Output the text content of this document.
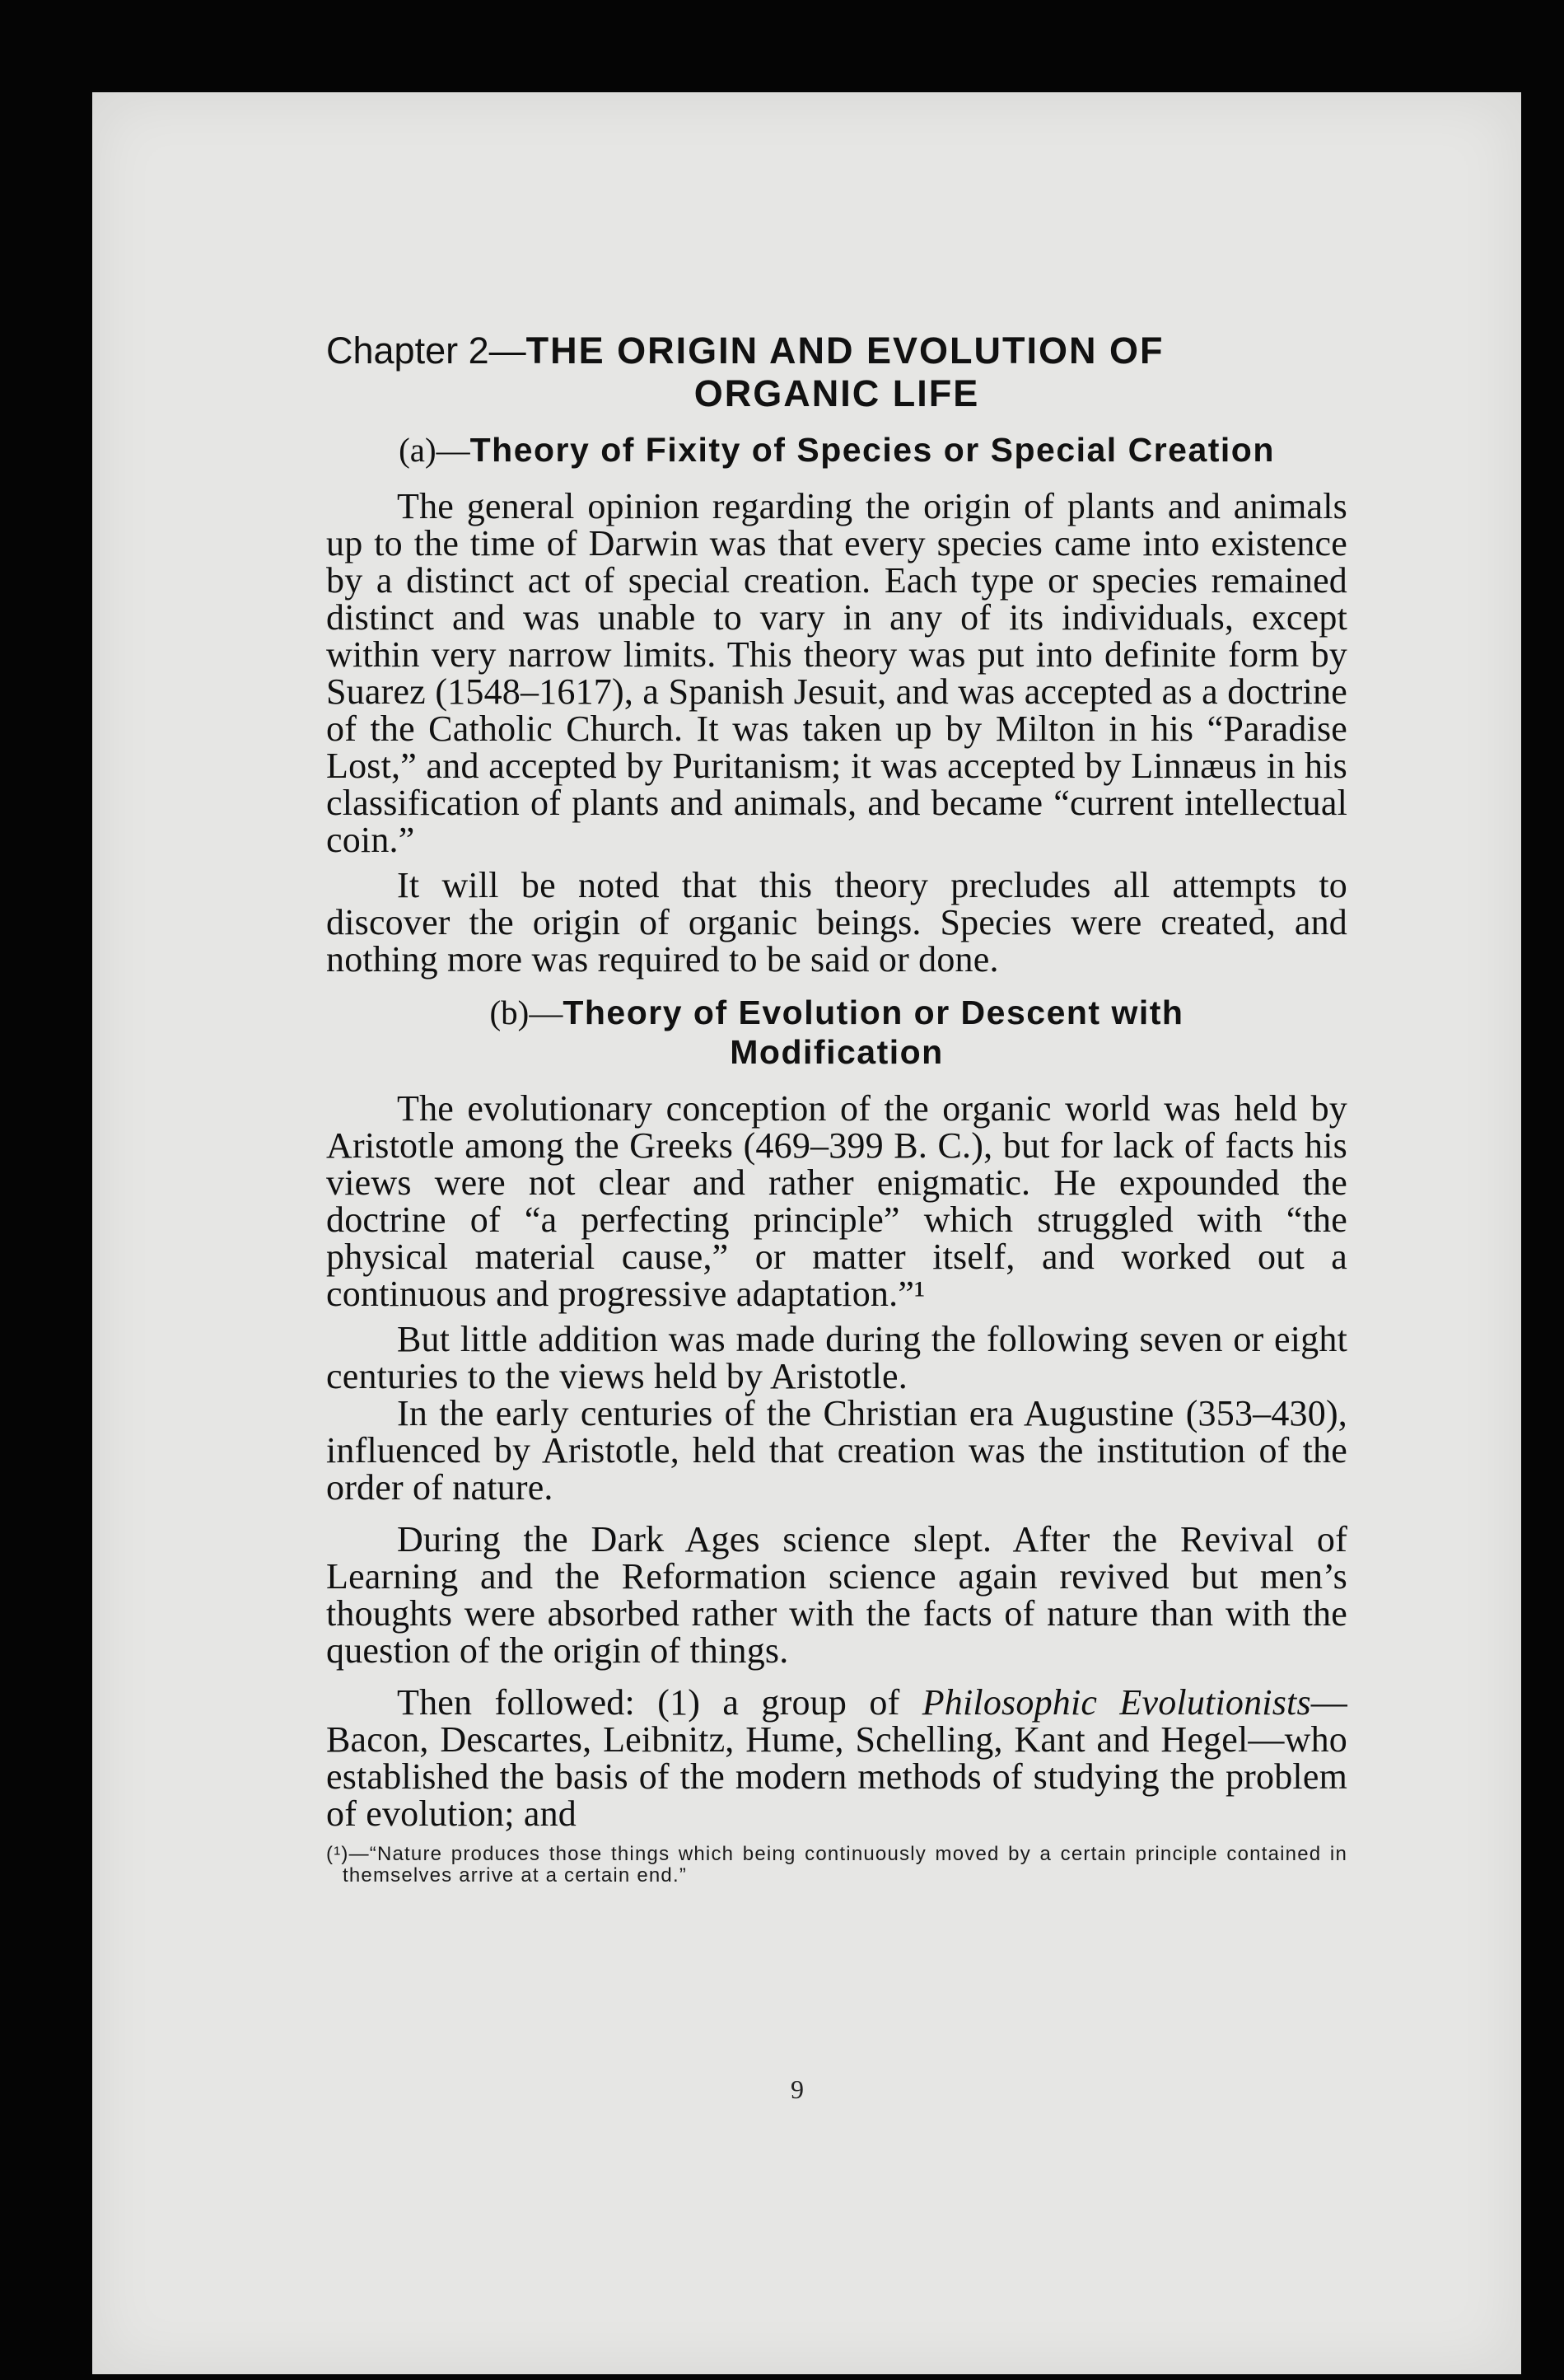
Chapter 2—THE ORIGIN AND EVOLUTION OF
ORGANIC LIFE
(a)—Theory of Fixity of Species or Special Creation

The general opinion regarding the origin of plants and animals up to the time of Darwin was that every species came into existence by a distinct act of special creation. Each type or species remained distinct and was unable to vary in any of its individuals, except within very narrow limits. This theory was put into definite form by Suarez (1548–1617), a Spanish Jesuit, and was accepted as a doctrine of the Catholic Church. It was taken up by Milton in his “Paradise Lost,” and accepted by Puritanism; it was accepted by Linnæus in his classification of plants and animals, and became “current intellectual coin.”

It will be noted that this theory precludes all attempts to discover the origin of organic beings. Species were created, and nothing more was required to be said or done.

(b)—Theory of Evolution or Descent with Modification

The evolutionary conception of the organic world was held by Aristotle among the Greeks (469–399 B. C.), but for lack of facts his views were not clear and rather enigmatic. He expounded the doctrine of “a perfecting principle” which struggled with “the physical material cause,” or matter itself, and worked out a continuous and progressive adaptation.”¹

But little addition was made during the following seven or eight centuries to the views held by Aristotle.

In the early centuries of the Christian era Augustine (353–430), influenced by Aristotle, held that creation was the institution of the order of nature.

During the Dark Ages science slept. After the Revival of Learning and the Reformation science again revived but men’s thoughts were absorbed rather with the facts of nature than with the question of the origin of things.

Then followed: (1) a group of Philosophic Evolutionists—Bacon, Descartes, Leibnitz, Hume, Schelling, Kant and Hegel—who established the basis of the modern methods of studying the problem of evolution; and

(¹)—“Nature produces those things which being continuously moved by a certain principle contained in themselves arrive at a certain end.”

9
